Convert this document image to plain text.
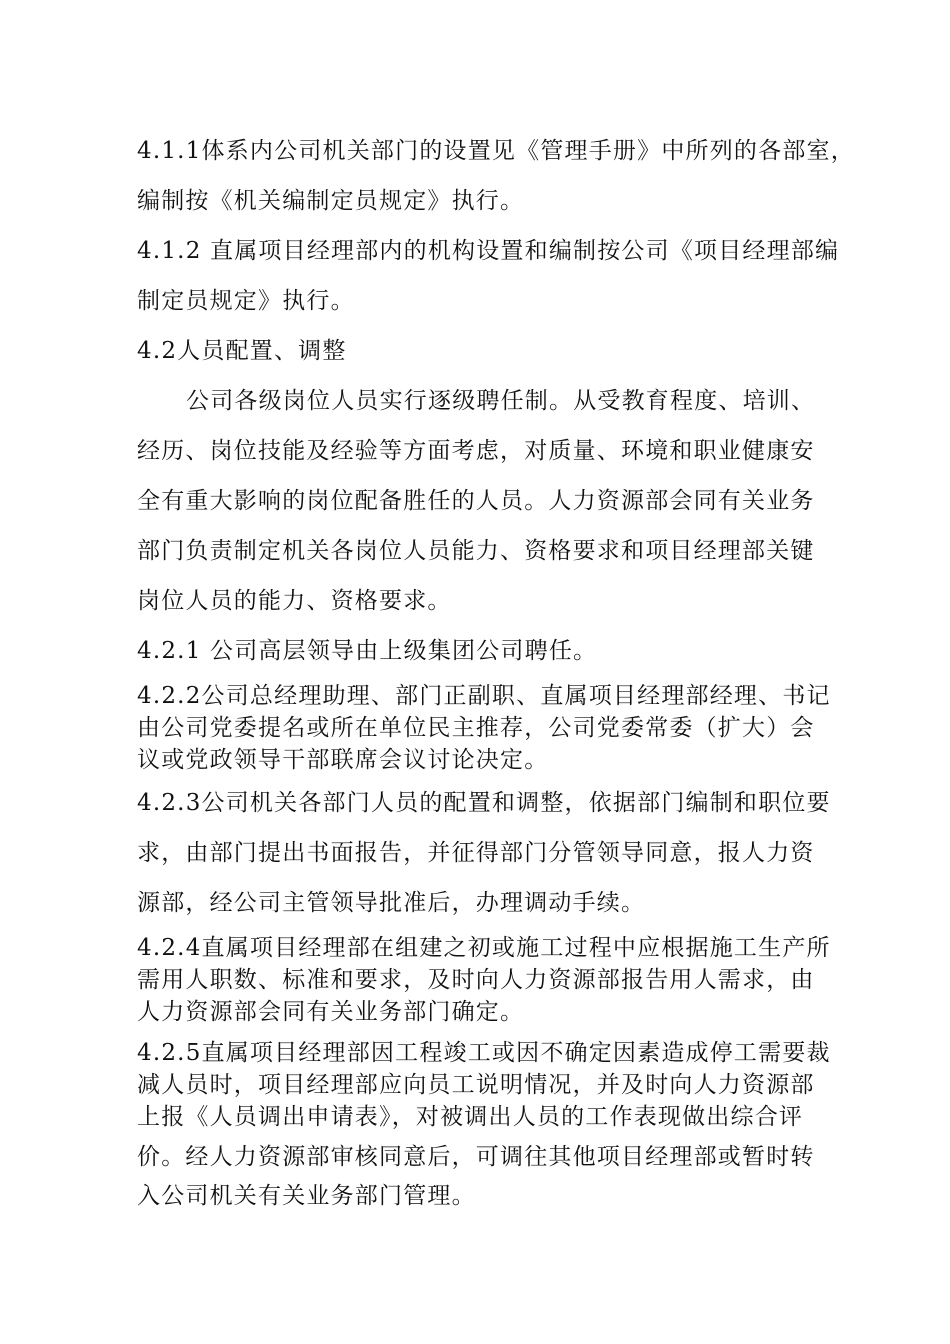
4.1.1体系内公司机关部门的设置见《管理手册》中所列的各部室，
编制按《机关编制定员规定》执行。
4.1.2 直属项目经理部内的机构设置和编制按公司《项目经理部编
制定员规定》执行。
4.2人员配置、调整
公司各级岗位人员实行逐级聘任制。从受教育程度、培训、
经历、岗位技能及经验等方面考虑，对质量、环境和职业健康安
全有重大影响的岗位配备胜任的人员。人力资源部会同有关业务
部门负责制定机关各岗位人员能力、资格要求和项目经理部关键
岗位人员的能力、资格要求。
4.2.1 公司高层领导由上级集团公司聘任。
4.2.2公司总经理助理、部门正副职、直属项目经理部经理、书记
由公司党委提名或所在单位民主推荐，公司党委常委（扩大）会
议或党政领导干部联席会议讨论决定。
4.2.3公司机关各部门人员的配置和调整，依据部门编制和职位要
求，由部门提出书面报告，并征得部门分管领导同意，报人力资
源部，经公司主管领导批准后，办理调动手续。
4.2.4直属项目经理部在组建之初或施工过程中应根据施工生产所
需用人职数、标准和要求，及时向人力资源部报告用人需求，由
人力资源部会同有关业务部门确定。
4.2.5直属项目经理部因工程竣工或因不确定因素造成停工需要裁
减人员时，项目经理部应向员工说明情况，并及时向人力资源部
上报《人员调出申请表》，对被调出人员的工作表现做出综合评
价。经人力资源部审核同意后，可调往其他项目经理部或暂时转
入公司机关有关业务部门管理。
